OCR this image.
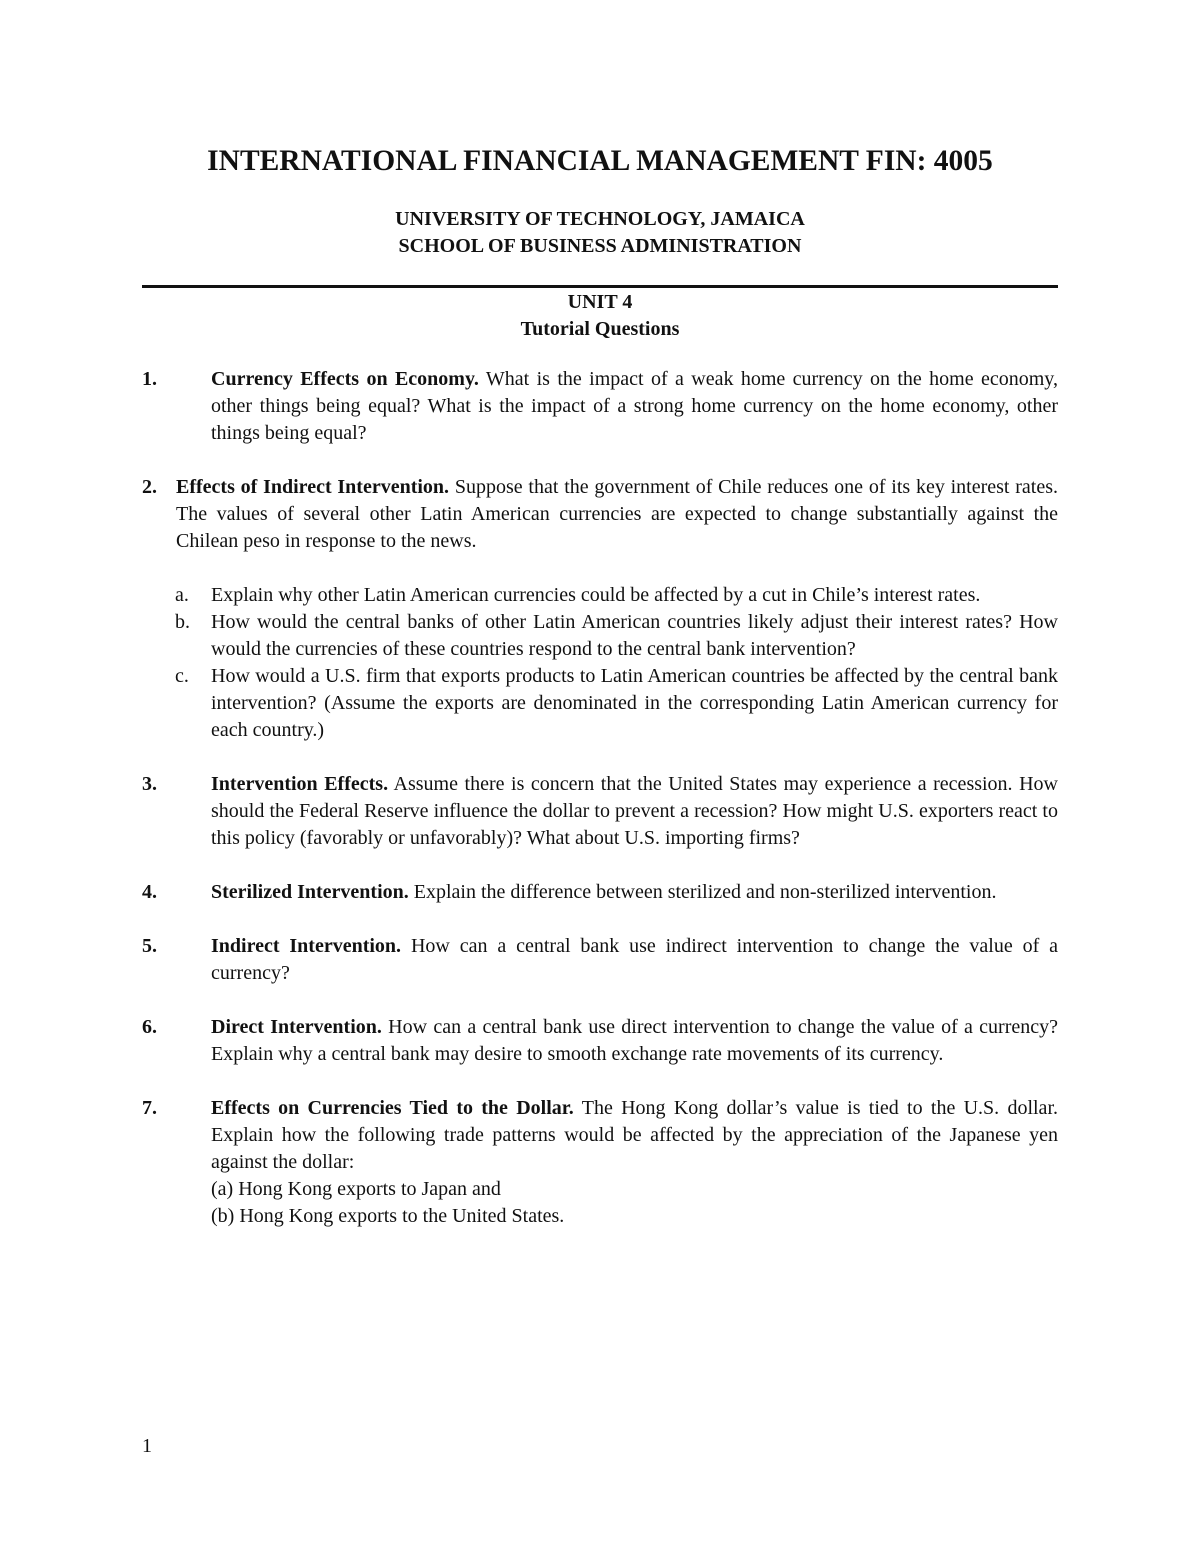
INTERNATIONAL FINANCIAL MANAGEMENT FIN: 4005
UNIVERSITY OF TECHNOLOGY, JAMAICA
SCHOOL OF BUSINESS ADMINISTRATION
UNIT 4
Tutorial Questions
1.	Currency Effects on Economy. What is the impact of a weak home currency on the home economy, other things being equal? What is the impact of a strong home currency on the home economy, other things being equal?
2. Effects of Indirect Intervention. Suppose that the government of Chile reduces one of its key interest rates. The values of several other Latin American currencies are expected to change substantially against the Chilean peso in response to the news.
a. Explain why other Latin American currencies could be affected by a cut in Chile’s interest rates.
b. How would the central banks of other Latin American countries likely adjust their interest rates? How would the currencies of these countries respond to the central bank intervention?
c. How would a U.S. firm that exports products to Latin American countries be affected by the central bank intervention? (Assume the exports are denominated in the corresponding Latin American currency for each country.)
3.	Intervention Effects. Assume there is concern that the United States may experience a recession. How should the Federal Reserve influence the dollar to prevent a recession? How might U.S. exporters react to this policy (favorably or unfavorably)? What about U.S. importing firms?
4.	Sterilized Intervention. Explain the difference between sterilized and non-sterilized intervention.
5.	Indirect Intervention. How can a central bank use indirect intervention to change the value of a currency?
6.	Direct Intervention. How can a central bank use direct intervention to change the value of a currency? Explain why a central bank may desire to smooth exchange rate movements of its currency.
7.	Effects on Currencies Tied to the Dollar. The Hong Kong dollar’s value is tied to the U.S. dollar. Explain how the following trade patterns would be affected by the appreciation of the Japanese yen against the dollar:
(a) Hong Kong exports to Japan and
(b) Hong Kong exports to the United States.
1
